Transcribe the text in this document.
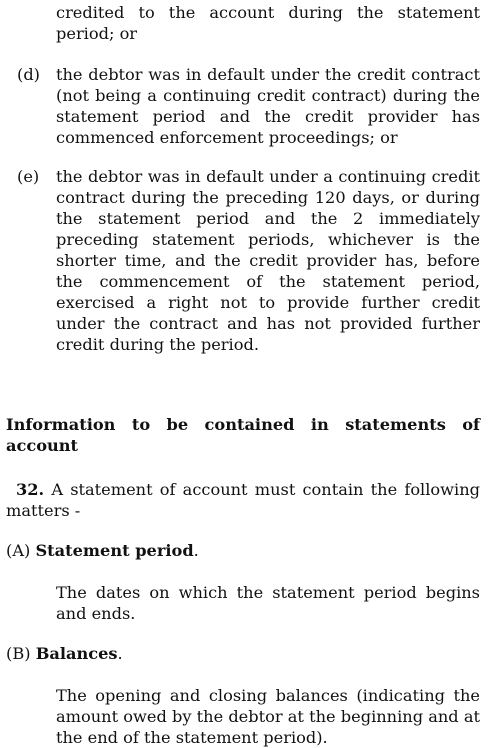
credited to the account during the statement period; or
(d) the debtor was in default under the credit contract (not being a continuing credit contract) during the statement period and the credit provider has commenced enforcement proceedings; or
(e) the debtor was in default under a continuing credit contract during the preceding 120 days, or during the statement period and the 2 immediately preceding statement periods, whichever is the shorter time, and the credit provider has, before the commencement of the statement period, exercised a right not to provide further credit under the contract and has not provided further credit during the period.
Information to be contained in statements of account
32. A statement of account must contain the following matters -
(A) Statement period.
The dates on which the statement period begins and ends.
(B) Balances.
The opening and closing balances (indicating the amount owed by the debtor at the beginning and at the end of the statement period).
